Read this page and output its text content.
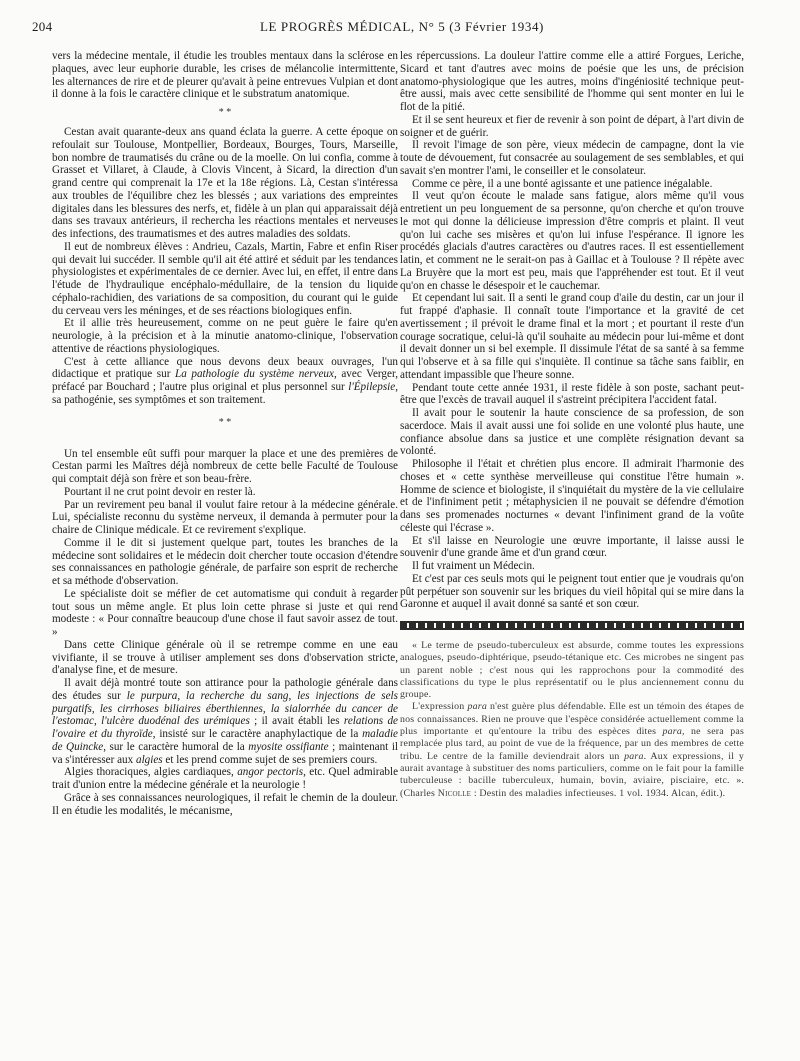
204	LE PROGRÈS MÉDICAL, N° 5 (3 Février 1934)

vers la médecine mentale, il étudie les troubles mentaux dans la sclérose en plaques, avec leur euphorie durable, les crises de mélancolie intermittente, les alternances de rire et de pleurer qu'avait à peine entrevues Vulpian et dont il donne à la fois le caractère clinique et le substratum anatomique.

* *

Cestan avait quarante-deux ans quand éclata la guerre. A cette époque on refoulait sur Toulouse, Montpellier, Bordeaux, Bourges, Tours, Marseille, bon nombre de traumatisés du crâne ou de la moelle. On lui confia, comme à Grasset et Villaret, à Claude, à Clovis Vincent, à Sicard, la direction d'un grand centre qui comprenait la 17e et la 18e régions. Là, Cestan s'intéressa aux troubles de l'équilibre chez les blessés ; aux variations des empreintes digitales dans les blessures des nerfs, et, fidèle à un plan qui apparaissait déjà dans ses travaux antérieurs, il rechercha les réactions mentales et nerveuses des infections, des traumatismes et des autres maladies des soldats.

Il eut de nombreux élèves : Andrieu, Cazals, Martin, Fabre et enfin Riser qui devait lui succéder. Il semble qu'il ait été attiré et séduit par les tendances physiologistes et expérimentales de ce dernier. Avec lui, en effet, il entre dans l'étude de l'hydraulique encéphalo-médullaire, de la tension du liquide céphalo-rachidien, des variations de sa composition, du courant qui le guide du cerveau vers les méninges, et de ses réactions biologiques enfin.

Et il allie très heureusement, comme on ne peut guère le faire qu'en neurologie, à la précision et à la minutie anatomo-clinique, l'observation attentive de réactions physiologiques.

C'est à cette alliance que nous devons deux beaux ouvrages, l'un didactique et pratique sur La pathologie du système nerveux, avec Verger, préfacé par Bouchard ; l'autre plus original et plus personnel sur l'Épilepsie, sa pathogénie, ses symptômes et son traitement.

* *

Un tel ensemble eût suffi pour marquer la place et une des premières de Cestan parmi les Maîtres déjà nombreux de cette belle Faculté de Toulouse qui comptait déjà son frère et son beau-frère.

Pourtant il ne crut point devoir en rester là.

Par un revirement peu banal il voulut faire retour à la médecine générale. Lui, spécialiste reconnu du système nerveux, il demanda à permuter pour la chaire de Clinique médicale. Et ce revirement s'explique.

Comme il le dit si justement quelque part, toutes les branches de la médecine sont solidaires et le médecin doit chercher toute occasion d'étendre ses connaissances en pathologie générale, de parfaire son esprit de recherche et sa méthode d'observation.

Le spécialiste doit se méfier de cet automatisme qui conduit à regarder tout sous un même angle. Et plus loin cette phrase si juste et qui rend modeste : « Pour connaître beaucoup d'une chose il faut savoir assez de tout. »

Dans cette Clinique générale où il se retrempe comme en une eau vivifiante, il se trouve à utiliser amplement ses dons d'observation stricte, d'analyse fine, et de mesure.

Il avait déjà montré toute son attirance pour la pathologie générale dans des études sur le purpura, la recherche du sang, les injections de sels purgatifs, les cirrhoses biliaires éberthiennes, la sialorrhée du cancer de l'estomac, l'ulcère duodénal des urémiques ; il avait établi les relations de l'ovaire et du thyroïde, insisté sur le caractère anaphylactique de la maladie de Quincke, sur le caractère humoral de la myosite ossifiante ; maintenant il va s'intéresser aux algies et les prend comme sujet de ses premiers cours.

Algies thoraciques, algies cardiaques, angor pectoris, etc. Quel admirable trait d'union entre la médecine générale et la neurologie !

Grâce à ses connaissances neurologiques, il refait le chemin de la douleur. Il en étudie les modalités, le mécanisme,

les répercussions. La douleur l'attire comme elle a attiré Forgues, Leriche, Sicard et tant d'autres avec moins de poésie que les uns, de précision anatomo-physiologique que les autres, moins d'ingéniosité technique peut-être aussi, mais avec cette sensibilité de l'homme qui sent monter en lui le flot de la pitié.

Et il se sent heureux et fier de revenir à son point de départ, à l'art divin de soigner et de guérir.

Il revoit l'image de son père, vieux médecin de campagne, dont la vie toute de dévouement, fut consacrée au soulagement de ses semblables, et qui savait s'en montrer l'ami, le conseiller et le consolateur.

Comme ce père, il a une bonté agissante et une patience inégalable.

Il veut qu'on écoute le malade sans fatigue, alors même qu'il vous entretient un peu longuement de sa personne, qu'on cherche et qu'on trouve le mot qui donne la délicieuse impression d'être compris et plaint. Il veut qu'on lui cache ses misères et qu'on lui infuse l'espérance. Il ignore les procédés glacials d'autres caractères ou d'autres races. Il est essentiellement latin, et comment ne le serait-on pas à Gaillac et à Toulouse ? Il répète avec La Bruyère que la mort est peu, mais que l'appréhender est tout. Et il veut qu'on en chasse le désespoir et le cauchemar.

Et cependant lui sait. Il a senti le grand coup d'aile du destin, car un jour il fut frappé d'aphasie. Il connaît toute l'importance et la gravité de cet avertissement ; il prévoit le drame final et la mort ; et pourtant il reste d'un courage socratique, celui-là qu'il souhaite au médecin pour lui-même et dont il devait donner un si bel exemple. Il dissimule l'état de sa santé à sa femme qui l'observe et à sa fille qui s'inquiète. Il continue sa tâche sans faiblir, en attendant impassible que l'heure sonne.

Pendant toute cette année 1931, il reste fidèle à son poste, sachant peut-être que l'excès de travail auquel il s'astreint précipitera l'accident fatal.

Il avait pour le soutenir la haute conscience de sa profession, de son sacerdoce. Mais il avait aussi une foi solide en une volonté plus haute, une confiance absolue dans sa justice et une complète résignation devant sa volonté.

Philosophe il l'était et chrétien plus encore. Il admirait l'harmonie des choses et « cette synthèse merveilleuse qui constitue l'être humain ». Homme de science et biologiste, il s'inquiétait du mystère de la vie cellulaire et de l'infiniment petit ; métaphysicien il ne pouvait se défendre d'émotion dans ses promenades nocturnes « devant l'infiniment grand de la voûte céleste qui l'écrase ».

Et s'il laisse en Neurologie une œuvre importante, il laisse aussi le souvenir d'une grande âme et d'un grand cœur.

Il fut vraiment un Médecin.

Et c'est par ces seuls mots qui le peignent tout entier que je voudrais qu'on pût perpétuer son souvenir sur les briques du vieil hôpital qui se mire dans la Garonne et auquel il avait donné sa santé et son cœur.

« Le terme de pseudo-tuberculeux est absurde, comme toutes les expressions analogues, pseudo-diphtérique, pseudo-tétanique etc. Ces microbes ne singent pas un parent noble ; c'est nous qui les rapprochons pour la commodité des classifications du type le plus représentatif ou le plus anciennement connu du groupe.

L'expression para n'est guère plus défendable. Elle est un témoin des étapes de nos connaissances. Rien ne prouve que l'espèce considérée actuellement comme la plus importante et qu'entoure la tribu des espèces dites para, ne sera pas remplacée plus tard, au point de vue de la fréquence, par un des membres de cette tribu. Le centre de la famille deviendrait alors un para. Aux expressions, il y aurait avantage à substituer des noms particuliers, comme on le fait pour la famille tuberculeuse : bacille tuberculeux, humain, bovin, aviaire, pisciaire, etc. ». (Charles Nicolle : Destin des maladies infectieuses. 1 vol. 1934. Alcan, édit.).
